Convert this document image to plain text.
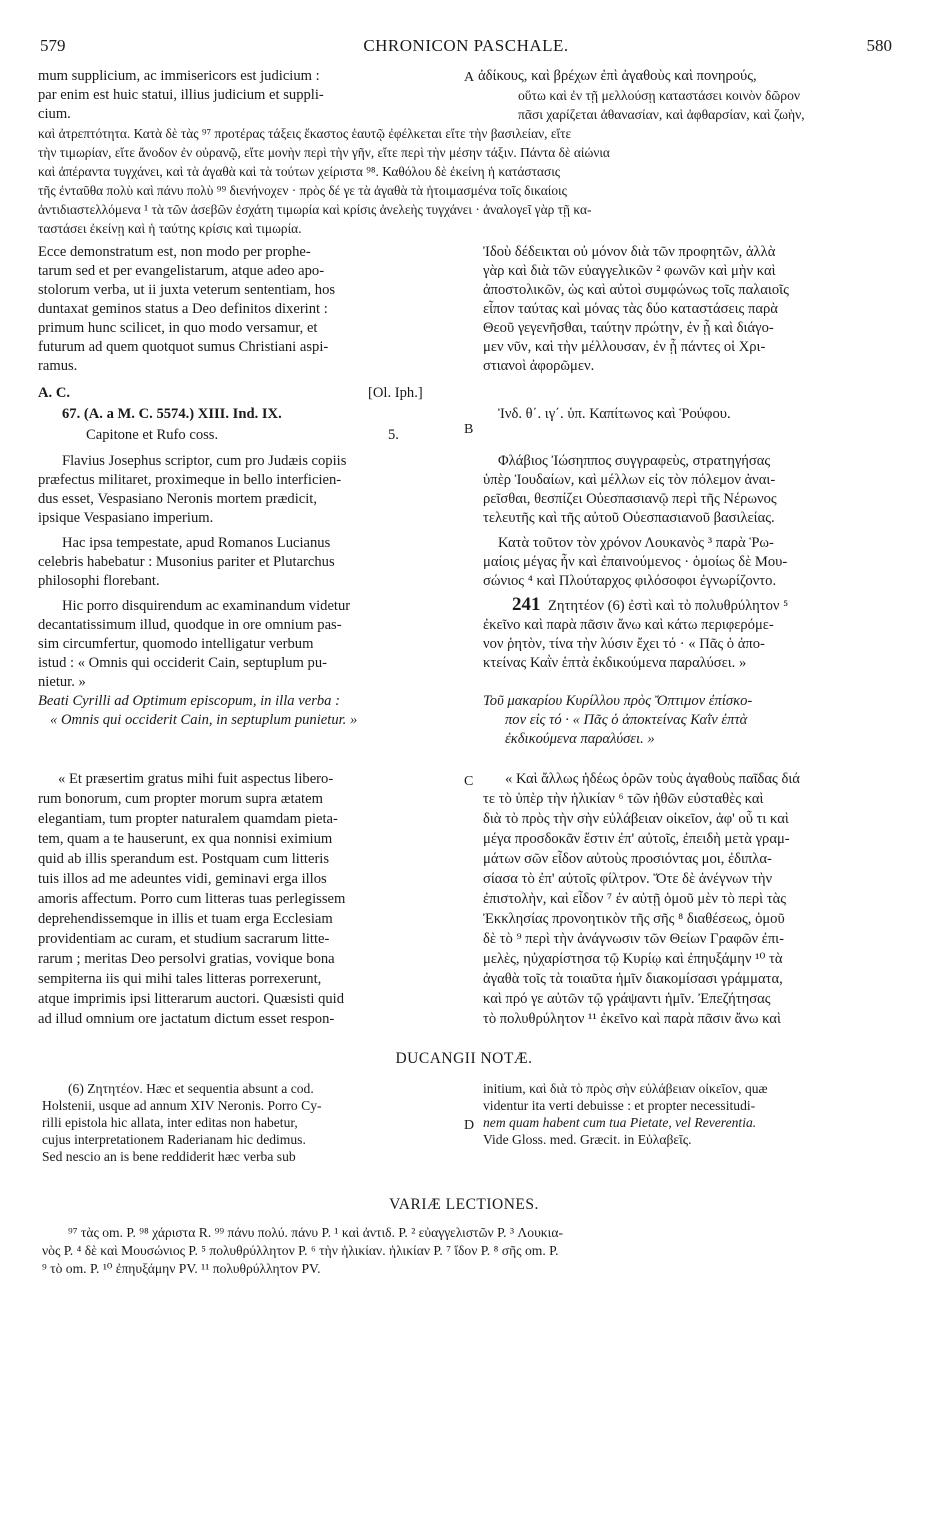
579	CHRONICON PASCHALE.	580
A
B
C
D
mum supplicium, ac immisericors est judicium :
par enim est huic statui, illius judicium et suppli-
cium.
ἀδίκους, καὶ βρέχων ἐπὶ ἀγαθοὺς καὶ πονηρούς,
οὕτω καὶ ἐν τῇ μελλούσῃ καταστάσει κοινὸν δῶρον
πᾶσι χαρίζεται ἀθανασίαν, καὶ ἀφθαρσίαν, καὶ ζωὴν,
καὶ ἀτρεπτότητα. Κατὰ δὲ τὰς ⁹⁷ προτέρας τάξεις ἕκαστος ἑαυτῷ ἐφέλκεται εἴτε τὴν βασιλείαν, εἴτε
τὴν τιμωρίαν, εἴτε ἄνοδον ἐν οὐρανῷ, εἴτε μονὴν περὶ τὴν γῆν, εἴτε περὶ τὴν μέσην τάξιν. Πάντα δὲ αἰώνια
καὶ ἀπέραντα τυγχάνει, καὶ τὰ ἀγαθὰ καὶ τὰ τούτων χείριστα ⁹⁸. Καθόλου δὲ ἐκείνη ἡ κατάστασις
τῆς ἐνταῦθα πολὺ καὶ πάνυ πολὺ ⁹⁹ διενήνοχεν · πρὸς δέ γε τὰ ἀγαθὰ τὰ ἡτοιμασμένα τοῖς δικαίοις
ἀντιδιαστελλόμενα ¹ τὰ τῶν ἀσεβῶν ἐσχάτη τιμωρία καὶ κρίσις ἀνελεὴς τυγχάνει · ἀναλογεῖ γὰρ τῇ κα-
ταστάσει ἐκείνῃ καὶ ἡ ταύτης κρίσις καὶ τιμωρία.
Ecce demonstratum est, non modo per prophe-
tarum sed et per evangelistarum, atque adeo apo-
stolorum verba, ut ii juxta veterum sententiam, hos
duntaxat geminos status a Deo definitos dixerint :
primum hunc scilicet, in quo modo versamur, et
futurum ad quem quotquot sumus Christiani aspi-
ramus.
Ἰδοὺ δέδεικται οὐ μόνον διὰ τῶν προφητῶν, ἀλλὰ
γὰρ καὶ διὰ τῶν εὐαγγελικῶν ² φωνῶν καὶ μὴν καὶ
ἀποστολικῶν, ὡς καὶ αὐτοὶ συμφώνως τοῖς παλαιοῖς
εἶπον ταύτας καὶ μόνας τὰς δύο καταστάσεις παρὰ
Θεοῦ γεγενῆσθαι, ταύτην πρώτην, ἐν ᾗ καὶ διάγο-
μεν νῦν, καὶ τὴν μέλλουσαν, ἐν ᾗ πάντες οἱ Χρι-
στιανοὶ ἀφορῶμεν.
A. C.	[Ol. Iph.]
67. (A. a M. C. 5574.) XIII. Ind. IX.
Capitone et Rufo coss.	5.
Ἰνδ. θ΄. ιγ΄. ὑπ. Καπίτωνος καὶ Ῥούφου.
Flavius Josephus scriptor, cum pro Judæis copiis
præfectus militaret, proximeque in bello interficien-
dus esset, Vespasiano Neronis mortem prædicit,
ipsique Vespasiano imperium.
Φλάβιος Ἰώσηππος συγγραφεὺς, στρατηγήσας
ὑπὲρ Ἰουδαίων, καὶ μέλλων εἰς τὸν πόλεμον ἀναι-
ρεῖσθαι, θεσπίζει Οὐεσπασιανῷ περὶ τῆς Νέρωνος
τελευτῆς καὶ τῆς αὐτοῦ Οὐεσπασιανοῦ βασιλείας.
Hac ipsa tempestate, apud Romanos Lucianus
celebris habebatur : Musonius pariter et Plutarchus
philosophi florebant.
Κατὰ τοῦτον τὸν χρόνον Λουκανὸς ³ παρὰ Ῥω-
μαίοις μέγας ἦν καὶ ἐπαινούμενος · ὁμοίως δὲ Μου-
σώνιος ⁴ καὶ Πλούταρχος φιλόσοφοι ἐγνωρίζοντο.
Hic porro disquirendum ac examinandum videtur
decantatissimum illud, quodque in ore omnium pas-
sim circumfertur, quomodo intelligatur verbum
istud : « Omnis qui occiderit Cain, septuplum pu-
nietur. »
241 Ζητητέον (6) ἐστὶ καὶ τὸ πολυθρύλητον ⁵
ἐκεῖνο καὶ παρὰ πᾶσιν ἄνω καὶ κάτω περιφερόμε-
νον ῥητὸν, τίνα τὴν λύσιν ἔχει τό · « Πᾶς ὁ ἀπο-
κτείνας Καῒν ἑπτὰ ἐκδικούμενα παραλύσει. »
Beati Cyrilli ad Optimum episcopum, in illa verba :
« Omnis qui occiderit Cain, in septuplum punietur. »
Τοῦ μακαρίου Κυρίλλου πρὸς Ὄπτιμον ἐπίσκο-
πον εἰς τό · « Πᾶς ὁ ἀποκτείνας Καῒν ἑπτὰ
ἐκδικούμενα παραλύσει. »
« Et præsertim gratus mihi fuit aspectus libero-
rum bonorum, cum propter morum supra ætatem
elegantiam, tum propter naturalem quamdam pieta-
tem, quam a te hauserunt, ex qua nonnisi eximium
quid ab illis sperandum est. Postquam cum litteris
tuis illos ad me adeuntes vidi, geminavi erga illos
amoris affectum. Porro cum litteras tuas perlegissem
deprehendissemque in illis et tuam erga Ecclesiam
providentiam ac curam, et studium sacrarum litte-
rarum ; meritas Deo persolvi gratias, vovique bona
sempiterna iis qui mihi tales litteras porrexerunt,
atque imprimis ipsi litterarum auctori. Quæsisti quid
ad illud omnium ore jactatum dictum esset respon-
« Καὶ ἄλλως ἡδέως ὁρῶν τοὺς ἀγαθοὺς παῖδας διά
τε τὸ ὑπὲρ τὴν ἡλικίαν ⁶ τῶν ἠθῶν εὐσταθὲς καὶ
διὰ τὸ πρὸς τὴν σὴν εὐλάβειαν οἰκεῖον, ἀφ' οὗ τι καὶ
μέγα προσδοκᾶν ἔστιν ἐπ' αὐτοῖς, ἐπειδὴ μετὰ γραμ-
μάτων σῶν εἶδον αὐτοὺς προσιόντας μοι, ἐδιπλα-
σίασα τὸ ἐπ' αὐτοῖς φίλτρον. Ὅτε δὲ ἀνέγνων τὴν
ἐπιστολὴν, καὶ εἶδον ⁷ ἐν αὐτῇ ὁμοῦ μὲν τὸ περὶ τὰς
Ἐκκλησίας προνοητικὸν τῆς σῆς ⁸ διαθέσεως, ὁμοῦ
δὲ τὸ ⁹ περὶ τὴν ἀνάγνωσιν τῶν Θείων Γραφῶν ἐπι-
μελὲς, ηὐχαρίστησα τῷ Κυρίῳ καὶ ἐπηυξάμην ¹⁰ τὰ
ἀγαθὰ τοῖς τὰ τοιαῦτα ἡμῖν διακομίσασι γράμματα,
καὶ πρό γε αὐτῶν τῷ γράψαντι ἡμῖν. Ἐπεζήτησας
τὸ πολυθρύλητον ¹¹ ἐκεῖνο καὶ παρὰ πᾶσιν ἄνω καὶ
DUCANGII NOTÆ.
(6) Ζητητέον. Hæc et sequentia absunt a cod.
Holstenii, usque ad annum XIV Neronis. Porro Cy-
rilli epistola hic allata, inter editas non habetur,
cujus interpretationem Raderianam hic dedimus.
Sed nescio an is bene reddiderit hæc verba sub
initium, καὶ διὰ τὸ πρὸς σὴν εὐλάβειαν οἰκεῖον, quæ
videntur ita verti debuisse : et propter necessitudi-
nem quam habent cum tua Pietate, vel Reverentia.
Vide Gloss. med. Græcit. in Εὐλαβεῖς.
VARIÆ LECTIONES.
⁹⁷ τὰς om. P. ⁹⁸ χάριστα R. ⁹⁹ πάνυ πολύ. πάνυ P. ¹ καὶ ἀντιδ. P. ² εὐαγγελιστῶν P. ³ Λουκια-
νὸς P. ⁴ δὲ καὶ Μουσώνιος P. ⁵ πολυθρύλλητον P. ⁶ τὴν ἡλικίαν. ἡλικίαν P. ⁷ ἴδον P. ⁸ σῆς om. P.
⁹ τὸ om. P. ¹⁰ ἐπηυξάμην PV. ¹¹ πολυθρύλλητον PV.
